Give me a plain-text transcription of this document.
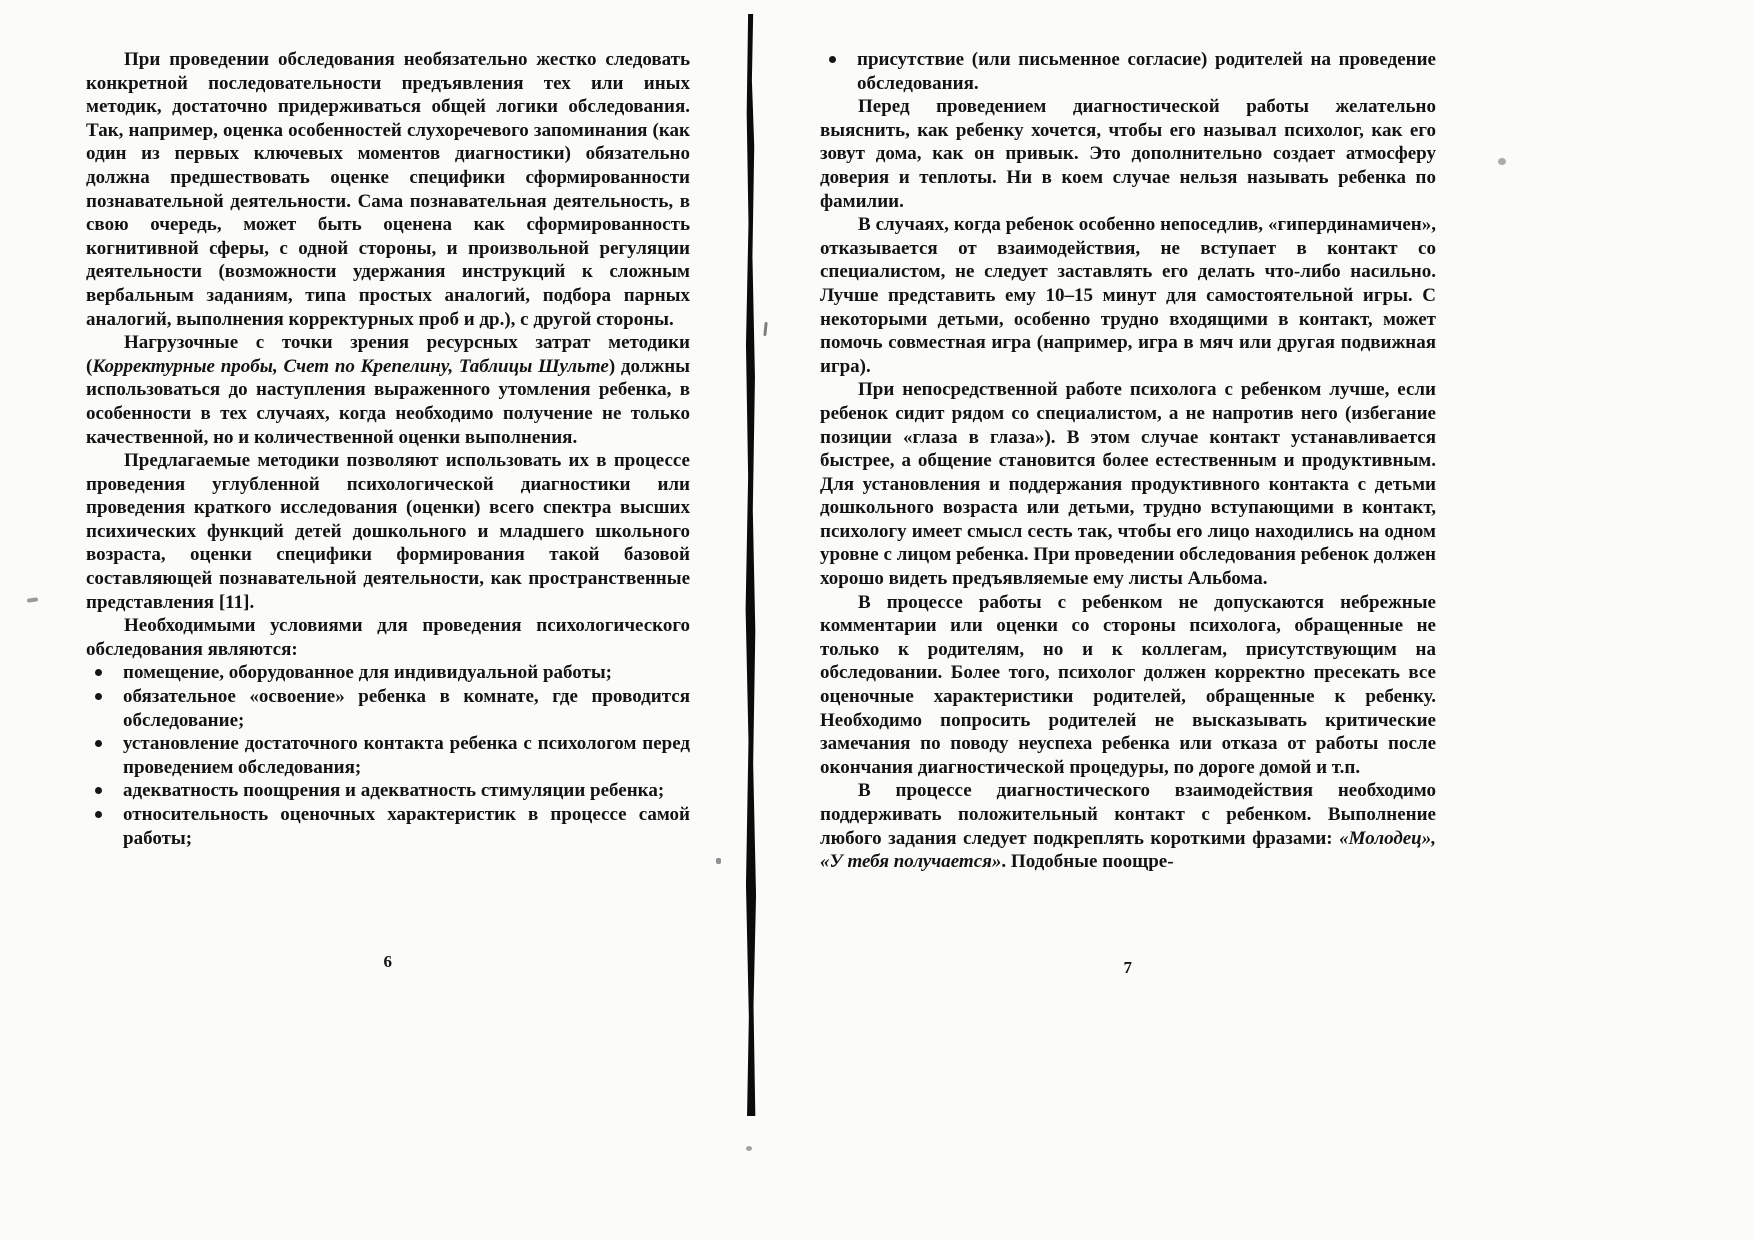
При проведении обследования необязательно жестко следовать конкретной последовательности предъявления тех или иных методик, достаточно придерживаться общей логики обследования. Так, например, оценка особенностей слухоречевого запоминания (как один из первых ключевых моментов диагностики) обязательно должна предшествовать оценке специфики сформированности познавательной деятельности. Сама познавательная деятельность, в свою очередь, может быть оценена как сформированность когнитивной сферы, с одной стороны, и произвольной регуляции деятельности (возможности удержания инструкций к сложным вербальным заданиям, типа простых аналогий, подбора парных аналогий, выполнения корректурных проб и др.), с другой стороны.

Нагрузочные с точки зрения ресурсных затрат методики (Корректурные пробы, Счет по Крепелину, Таблицы Шульте) должны использоваться до наступления выраженного утомления ребенка, в особенности в тех случаях, когда необходимо получение не только качественной, но и количественной оценки выполнения.

Предлагаемые методики позволяют использовать их в процессе проведения углубленной психологической диагностики или проведения краткого исследования (оценки) всего спектра высших психических функций детей дошкольного и младшего школьного возраста, оценки специфики формирования такой базовой составляющей познавательной деятельности, как пространственные представления [11].

Необходимыми условиями для проведения психологического обследования являются:

помещение, оборудованное для индивидуальной работы;
обязательное «освоение» ребенка в комнате, где проводится обследование;
установление достаточного контакта ребенка с психологом перед проведением обследования;
адекватность поощрения и адекватность стимуляции ребенка;
относительность оценочных характеристик в процессе самой работы;
6
присутствие (или письменное согласие) родителей на проведение обследования.

Перед проведением диагностической работы желательно выяснить, как ребенку хочется, чтобы его называл психолог, как его зовут дома, как он привык. Это дополнительно создает атмосферу доверия и теплоты. Ни в коем случае нельзя называть ребенка по фамилии.

В случаях, когда ребенок особенно непоседлив, «гипердинамичен», отказывается от взаимодействия, не вступает в контакт со специалистом, не следует заставлять его делать что-либо насильно. Лучше представить ему 10–15 минут для самостоятельной игры. С некоторыми детьми, особенно трудно входящими в контакт, может помочь совместная игра (например, игра в мяч или другая подвижная игра).

При непосредственной работе психолога с ребенком лучше, если ребенок сидит рядом со специалистом, а не напротив него (избегание позиции «глаза в глаза»). В этом случае контакт устанавливается быстрее, а общение становится более естественным и продуктивным. Для установления и поддержания продуктивного контакта с детьми дошкольного возраста или детьми, трудно вступающими в контакт, психологу имеет смысл сесть так, чтобы его лицо находились на одном уровне с лицом ребенка. При проведении обследования ребенок должен хорошо видеть предъявляемые ему листы Альбома.

В процессе работы с ребенком не допускаются небрежные комментарии или оценки со стороны психолога, обращенные не только к родителям, но и к коллегам, присутствующим на обследовании. Более того, психолог должен корректно пресекать все оценочные характеристики родителей, обращенные к ребенку. Необходимо попросить родителей не высказывать критические замечания по поводу неуспеха ребенка или отказа от работы после окончания диагностической процедуры, по дороге домой и т.п.

В процессе диагностического взаимодействия необходимо поддерживать положительный контакт с ребенком. Выполнение любого задания следует подкреплять короткими фразами: «Молодец», «У тебя получается». Подобные поощре-

7
